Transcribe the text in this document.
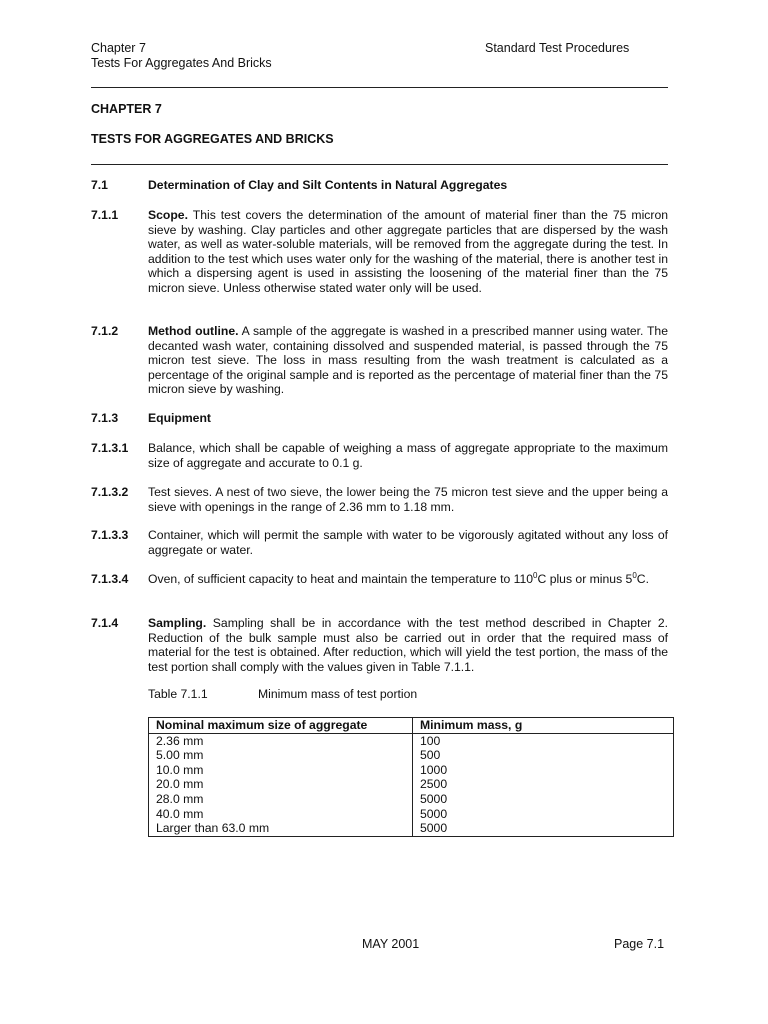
Chapter 7
Tests For Aggregates And Bricks
Standard Test Procedures
CHAPTER 7
TESTS FOR AGGREGATES AND BRICKS
7.1	Determination of Clay and Silt Contents in Natural Aggregates
7.1.1 Scope. This test covers the determination of the amount of material finer than the 75 micron sieve by washing. Clay particles and other aggregate particles that are dispersed by the wash water, as well as water-soluble materials, will be removed from the aggregate during the test. In addition to the test which uses water only for the washing of the material, there is another test in which a dispersing agent is used in assisting the loosening of the material finer than the 75 micron sieve. Unless otherwise stated water only will be used.
7.1.2 Method outline. A sample of the aggregate is washed in a prescribed manner using water. The decanted wash water, containing dissolved and suspended material, is passed through the 75 micron test sieve. The loss in mass resulting from the wash treatment is calculated as a percentage of the original sample and is reported as the percentage of material finer than the 75 micron sieve by washing.
7.1.3 Equipment
7.1.3.1 Balance, which shall be capable of weighing a mass of aggregate appropriate to the maximum size of aggregate and accurate to 0.1 g.
7.1.3.2 Test sieves. A nest of two sieve, the lower being the 75 micron test sieve and the upper being a sieve with openings in the range of 2.36 mm to 1.18 mm.
7.1.3.3 Container, which will permit the sample with water to be vigorously agitated without any loss of aggregate or water.
7.1.3.4 Oven, of sufficient capacity to heat and maintain the temperature to $110^0C$ plus or minus $5^0C$.
7.1.4 Sampling. Sampling shall be in accordance with the test method described in Chapter 2. Reduction of the bulk sample must also be carried out in order that the required mass of material for the test is obtained. After reduction, which will yield the test portion, the mass of the test portion shall comply with the values given in Table 7.1.1.
Table 7.1.1	Minimum mass of test portion
Nominal maximum size of aggregate	Minimum mass, g
2.36 mm	100
5.00 mm	500
10.0 mm	1000
20.0 mm	2500
28.0 mm	5000
40.0 mm	5000
Larger than 63.0 mm	5000
MAY 2001	Page 7.1
